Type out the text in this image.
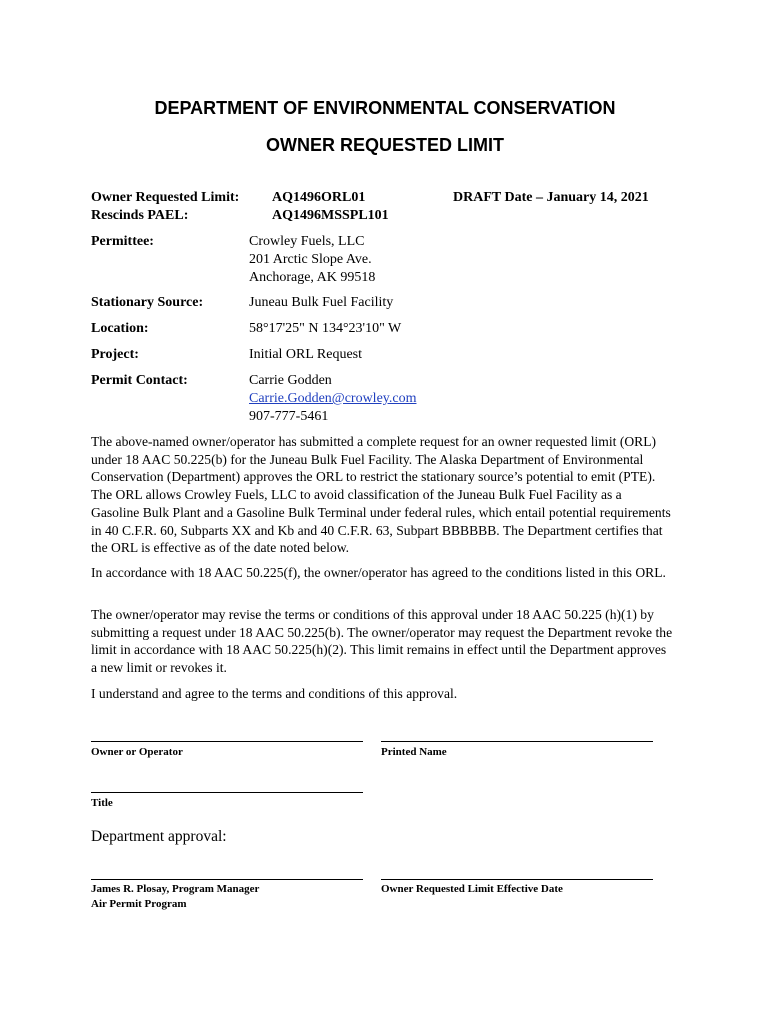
DEPARTMENT OF ENVIRONMENTAL CONSERVATION
OWNER REQUESTED LIMIT
Owner Requested Limit: AQ1496ORL01	DRAFT Date – January 14, 2021
Rescinds PAEL:	AQ1496MSSPL101
Permittee:	Crowley Fuels, LLC
201 Arctic Slope Ave.
Anchorage, AK 99518
Stationary Source:	Juneau Bulk Fuel Facility
Location:	58°17'25" N 134°23'10" W
Project:	Initial ORL Request
Permit Contact:	Carrie Godden
Carrie.Godden@crowley.com
907-777-5461
The above-named owner/operator has submitted a complete request for an owner requested limit (ORL) under 18 AAC 50.225(b) for the Juneau Bulk Fuel Facility. The Alaska Department of Environmental Conservation (Department) approves the ORL to restrict the stationary source’s potential to emit (PTE). The ORL allows Crowley Fuels, LLC to avoid classification of the Juneau Bulk Fuel Facility as a Gasoline Bulk Plant and a Gasoline Bulk Terminal under federal rules, which entail potential requirements in 40 C.F.R. 60, Subparts XX and Kb and 40 C.F.R. 63, Subpart BBBBBB. The Department certifies that the ORL is effective as of the date noted below.
In accordance with 18 AAC 50.225(f), the owner/operator has agreed to the conditions listed in this ORL.
The owner/operator may revise the terms or conditions of this approval under 18 AAC 50.225 (h)(1) by submitting a request under 18 AAC 50.225(b). The owner/operator may request the Department revoke the limit in accordance with 18 AAC 50.225(h)(2). This limit remains in effect until the Department approves a new limit or revokes it.
I understand and agree to the terms and conditions of this approval.
Owner or Operator	Printed Name
Title
Department approval:
James R. Plosay, Program Manager
Air Permit Program
Owner Requested Limit Effective Date
